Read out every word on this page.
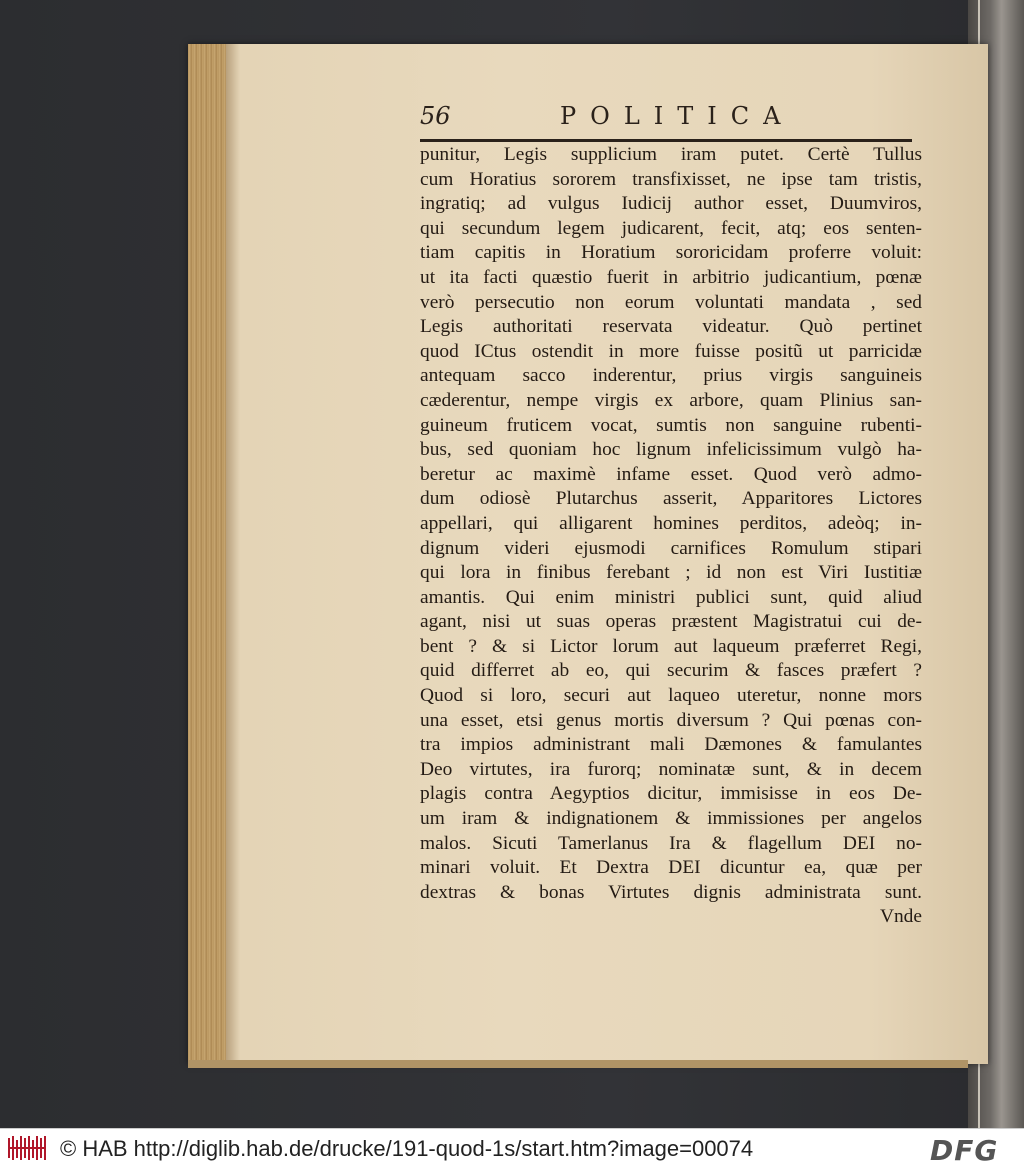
56	POLITICA
punitur, Legis supplicium iram putet. Certè Tullus
cum Horatius sororem transfixisset, ne ipse tam tristis,
ingratiq; ad vulgus Iudicij author esset, Duumviros,
qui secundum legem judicarent, fecit, atq; eos senten-
tiam capitis in Horatium sororicidam proferre voluit:
ut ita facti quæstio fuerit in arbitrio judicantium, pœnæ
verò persecutio non eorum voluntati mandata , sed
Legis authoritati reservata videatur. Quò pertinet
quod ICtus ostendit in more fuisse positũ ut parricidæ
antequam sacco inderentur, prius virgis sanguineis
cæderentur, nempe virgis ex arbore, quam Plinius san-
guineum fruticem vocat, sumtis non sanguine rubenti-
bus, sed quoniam hoc lignum infelicissimum vulgò ha-
beretur ac maximè infame esset. Quod verò admo-
dum odiosè Plutarchus asserit, Apparitores Lictores
appellari, qui alligarent homines perditos, adeòq; in-
dignum videri ejusmodi carnifices Romulum stipari
qui lora in finibus ferebant ; id non est Viri Iustitiæ
amantis. Qui enim ministri publici sunt, quid aliud
agant, nisi ut suas operas præstent Magistratui cui de-
bent ? & si Lictor lorum aut laqueum præferret Regi,
quid differret ab eo, qui securim & fasces præfert ?
Quod si loro, securi aut laqueo uteretur, nonne mors
una esset, etsi genus mortis diversum ? Qui pœnas con-
tra impios administrant mali Dæmones & famulantes
Deo virtutes, ira furorq; nominatæ sunt, & in decem
plagis contra Aegyptios dicitur, immisisse in eos De-
um iram & indignationem & immissiones per angelos
malos. Sicuti Tamerlanus Ira & flagellum DEI no-
minari voluit. Et Dextra DEI dicuntur ea, quæ per
dextras & bonas Virtutes dignis administrata sunt.
Vnde
© HAB http://diglib.hab.de/drucke/191-quod-1s/start.htm?image=00074	DFG
